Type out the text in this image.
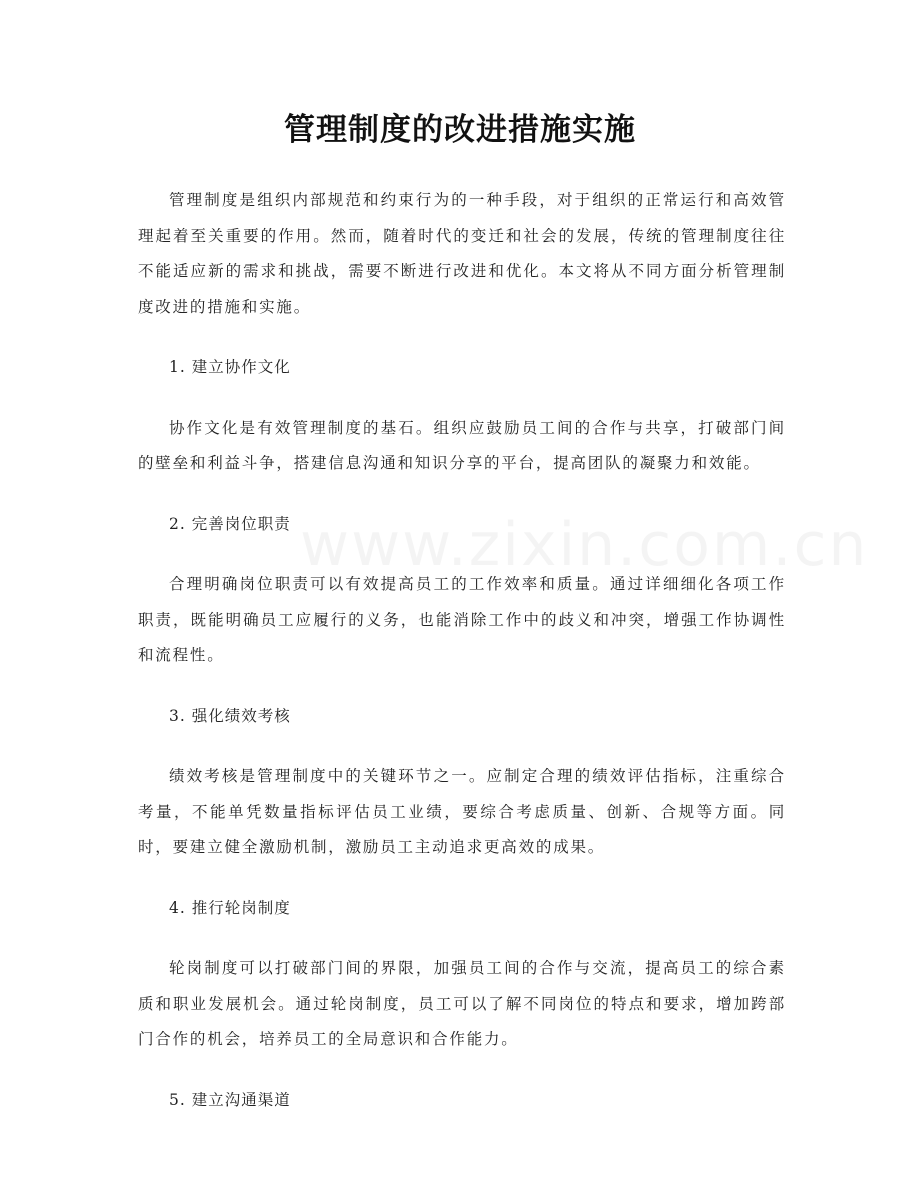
管理制度的改进措施实施

管理制度是组织内部规范和约束行为的一种手段，对于组织的正常运行和高效管理起着至关重要的作用。然而，随着时代的变迁和社会的发展，传统的管理制度往往不能适应新的需求和挑战，需要不断进行改进和优化。本文将从不同方面分析管理制度改进的措施和实施。

1. 建立协作文化

协作文化是有效管理制度的基石。组织应鼓励员工间的合作与共享，打破部门间的壁垒和利益斗争，搭建信息沟通和知识分享的平台，提高团队的凝聚力和效能。

2. 完善岗位职责

合理明确岗位职责可以有效提高员工的工作效率和质量。通过详细细化各项工作职责，既能明确员工应履行的义务，也能消除工作中的歧义和冲突，增强工作协调性和流程性。

3. 强化绩效考核

绩效考核是管理制度中的关键环节之一。应制定合理的绩效评估指标，注重综合考量，不能单凭数量指标评估员工业绩，要综合考虑质量、创新、合规等方面。同时，要建立健全激励机制，激励员工主动追求更高效的成果。

4. 推行轮岗制度

轮岗制度可以打破部门间的界限，加强员工间的合作与交流，提高员工的综合素质和职业发展机会。通过轮岗制度，员工可以了解不同岗位的特点和要求，增加跨部门合作的机会，培养员工的全局意识和合作能力。

5. 建立沟通渠道
